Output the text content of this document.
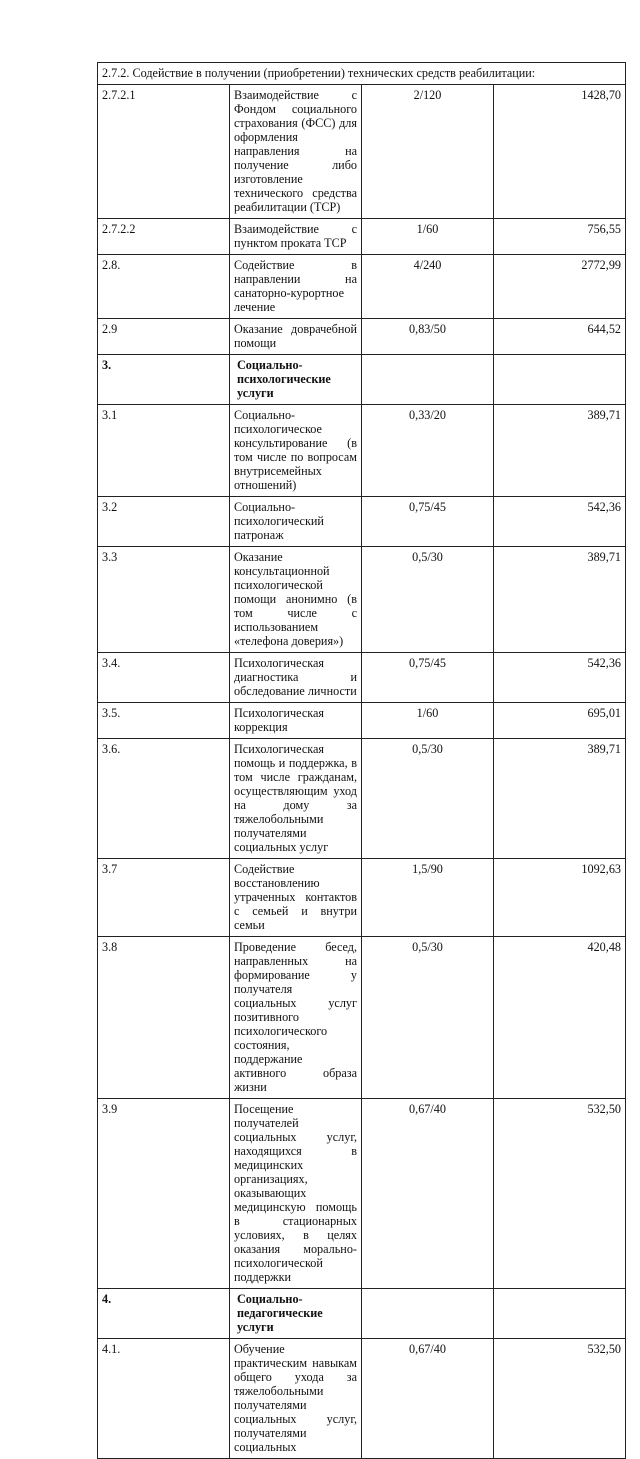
2.7.2. Содействие в получении (приобретении) технических средств реабилитации:			
2.7.2.1	Взаимодействие с Фондом социального страхования (ФСС) для оформления направления на получение либо изготовление технического средства реабилитации (ТСР)	2/120	1428,70
2.7.2.2	Взаимодействие с пунктом проката ТСР	1/60	756,55
2.8.	Содействие в направлении на санаторно-курортное лечение	4/240	2772,99
2.9	Оказание доврачебной помощи	0,83/50	644,52
3.	Социально-психологические услуги		
3.1	Социально-психологическое консультирование (в том числе по вопросам внутрисемейных отношений)	0,33/20	389,71
3.2	Социально-психологический патронаж	0,75/45	542,36
3.3	Оказание консультационной психологической помощи анонимно (в том числе с использованием «телефона доверия»)	0,5/30	389,71
3.4.	Психологическая диагностика и обследование личности	0,75/45	542,36
3.5.	Психологическая коррекция	1/60	695,01
3.6.	Психологическая помощь и поддержка, в том числе гражданам, осуществляющим уход на дому за тяжелобольными получателями социальных услуг	0,5/30	389,71
3.7	Содействие восстановлению утраченных контактов с семьей и внутри семьи	1,5/90	1092,63
3.8	Проведение бесед, направленных на формирование у получателя социальных услуг позитивного психологического состояния, поддержание активного образа жизни	0,5/30	420,48
3.9	Посещение получателей социальных услуг, находящихся в медицинских организациях, оказывающих медицинскую помощь в стационарных условиях, в целях оказания морально-психологической поддержки	0,67/40	532,50
4.	Социально-педагогические услуги		
4.1.	Обучение практическим навыкам общего ухода за тяжелобольными получателями социальных услуг, получателями социальных	0,67/40	532,50
